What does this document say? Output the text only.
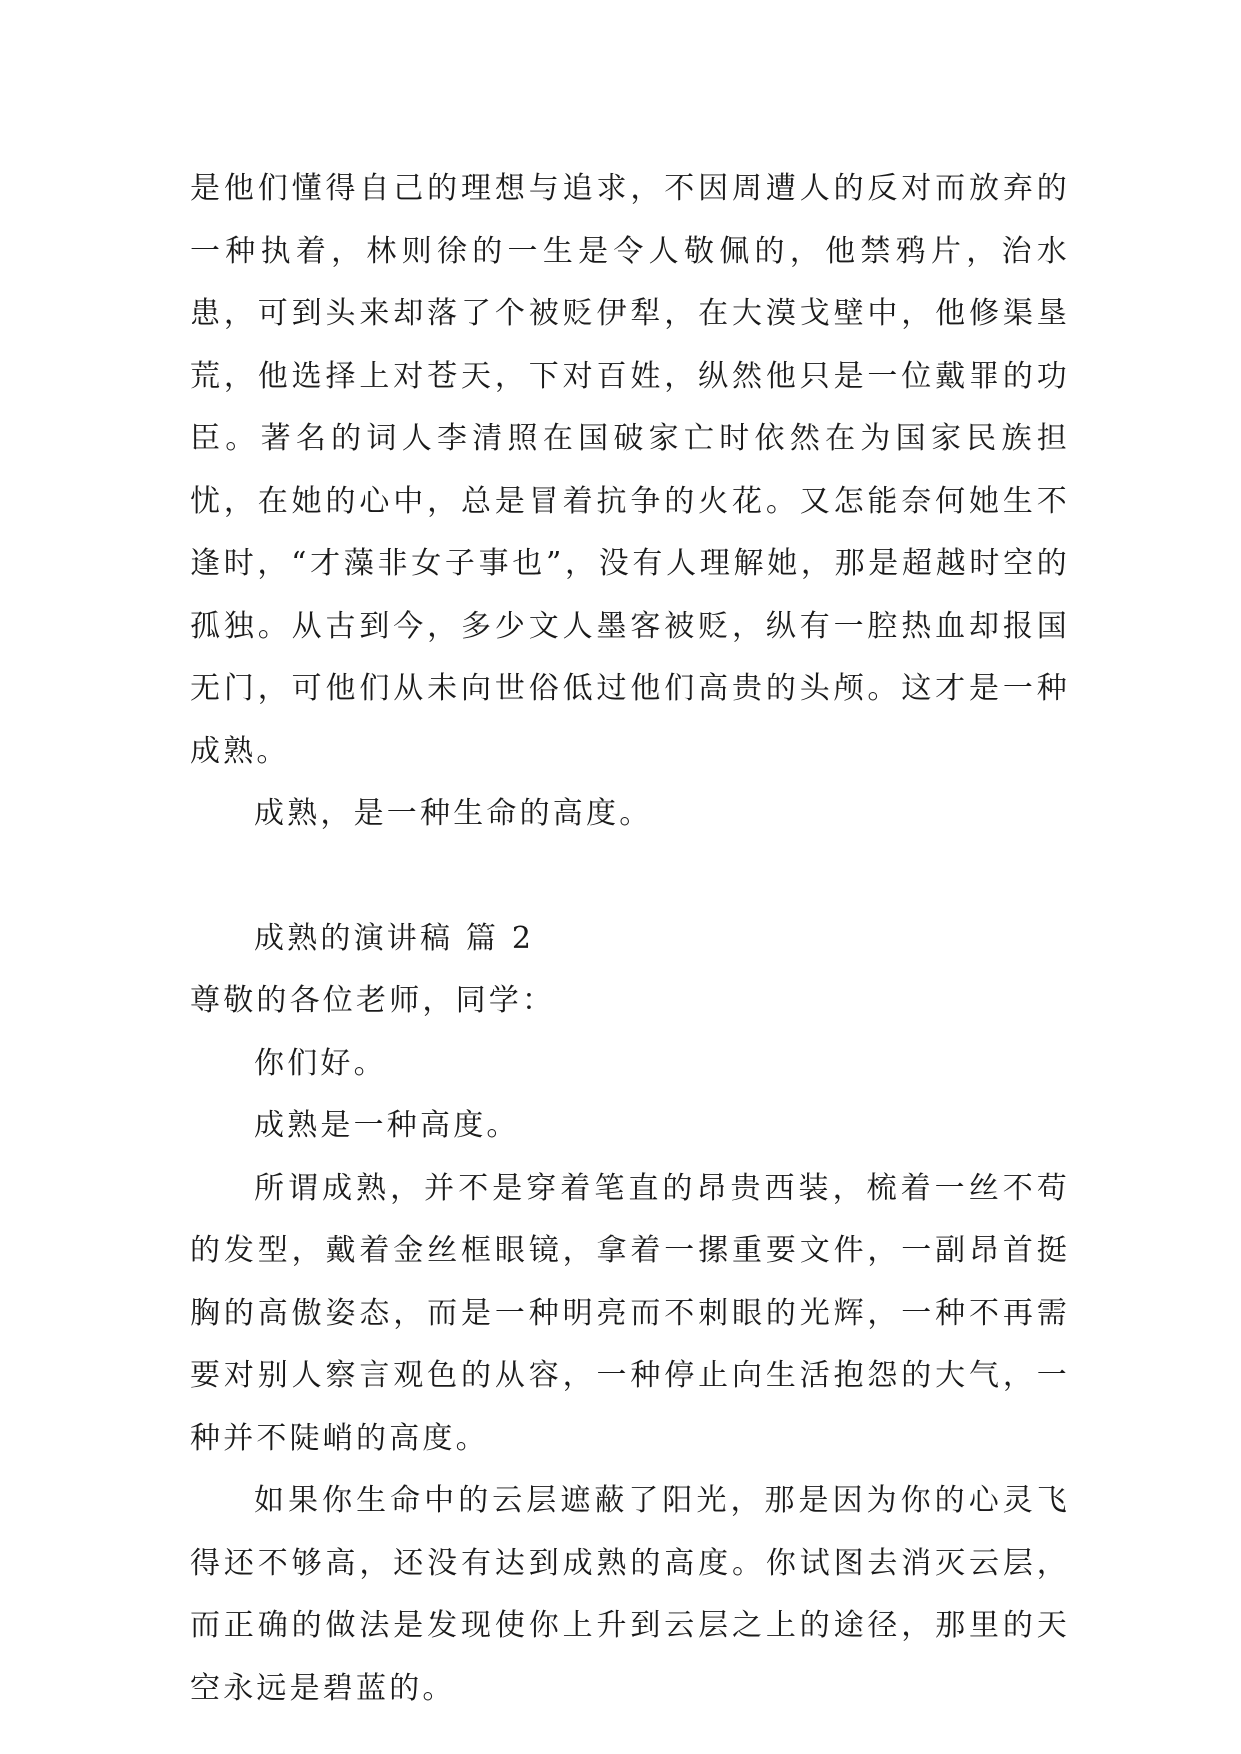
是他们懂得自己的理想与追求，不因周遭人的反对而放弃的一种执着，林则徐的一生是令人敬佩的，他禁鸦片，治水患，可到头来却落了个被贬伊犁，在大漠戈壁中，他修渠垦荒，他选择上对苍天，下对百姓，纵然他只是一位戴罪的功臣。著名的词人李清照在国破家亡时依然在为国家民族担忧，在她的心中，总是冒着抗争的火花。又怎能奈何她生不逢时，“才藻非女子事也”，没有人理解她，那是超越时空的孤独。从古到今，多少文人墨客被贬，纵有一腔热血却报国无门，可他们从未向世俗低过他们高贵的头颅。这才是一种成熟。

成熟，是一种生命的高度。

成熟的演讲稿 篇 2

尊敬的各位老师，同学：

你们好。

成熟是一种高度。

所谓成熟，并不是穿着笔直的昂贵西装，梳着一丝不苟的发型，戴着金丝框眼镜，拿着一摞重要文件，一副昂首挺胸的高傲姿态，而是一种明亮而不刺眼的光辉，一种不再需要对别人察言观色的从容，一种停止向生活抱怨的大气，一种并不陡峭的高度。

如果你生命中的云层遮蔽了阳光，那是因为你的心灵飞得还不够高，还没有达到成熟的高度。你试图去消灭云层，而正确的做法是发现使你上升到云层之上的途径，那里的天空永远是碧蓝的。
